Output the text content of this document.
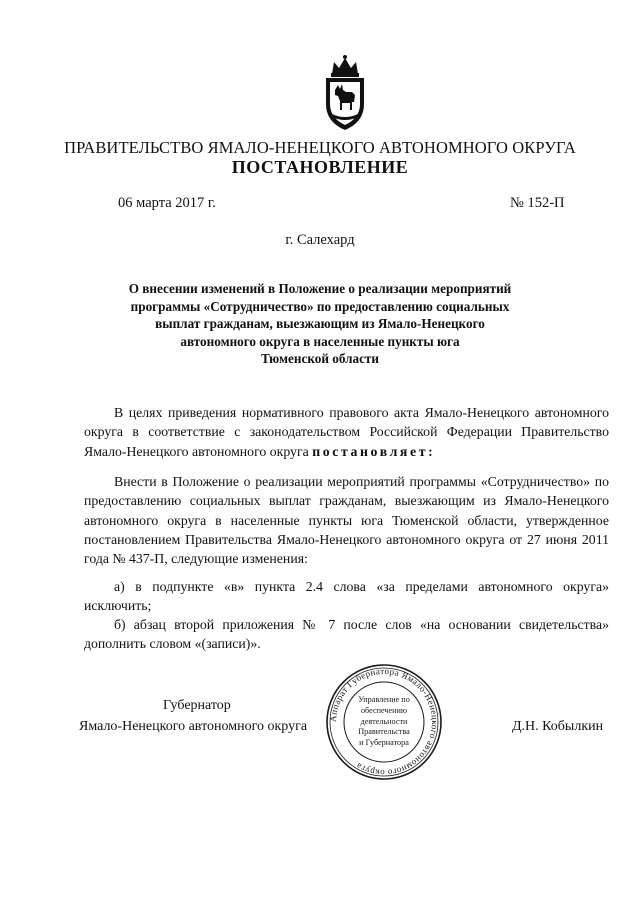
ПРАВИТЕЛЬСТВО ЯМАЛО-НЕНЕЦКОГО АВТОНОМНОГО ОКРУГА
ПОСТАНОВЛЕНИЕ
06 марта 2017 г.	№ 152-П
г. Салехард
О внесении изменений в Положение о реализации мероприятий
программы «Сотрудничество» по предоставлению социальных
выплат гражданам, выезжающим из Ямало-Ненецкого
автономного округа в населенные пункты юга
Тюменской области
В целях приведения нормативного правового акта Ямало-Ненецкого автономного округа в соответствие с законодательством Российской Федерации Правительство Ямало-Ненецкого автономного округа постановляет:
Внести в Положение о реализации мероприятий программы «Сотрудничество» по предоставлению социальных выплат гражданам, выезжающим из Ямало-Ненецкого автономного округа в населенные пункты юга Тюменской области, утвержденное постановлением Правительства Ямало-Ненецкого автономного округа от 27 июня 2011 года № 437-П, следующие изменения:
а) в подпункте «в» пункта 2.4 слова «за пределами автономного округа» исключить;
б) абзац второй приложения № 7 после слов «на основании свидетельства» дополнить словом «(записи)».
Губернатор
Ямало-Ненецкого автономного округа	Д.Н. Кобылкин
Аппарат Губернатора Ямало-Ненецкого автономного округа
Управление по
обеспечению
деятельности
Правительства
и Губернатора
